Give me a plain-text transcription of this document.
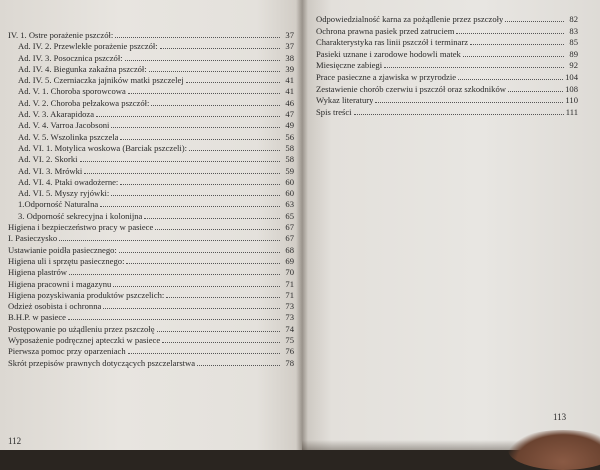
IV. 1. Ostre porażenie pszczół:	37
Ad. IV. 2. Przewlekłe porażenie pszczół:	37
Ad. IV. 3. Posocznica pszczół:	38
Ad. IV. 4. Biegunka zakaźna pszczół:	39
Ad. IV. 5. Czerniaczka jajników matki pszczelej	41
Ad. V. 1. Choroba sporowcowa	41
Ad. V. 2. Choroba pełzakowa pszczół:	46
Ad. V. 3. Akarapidoza	47
Ad. V. 4. Varroa Jacobsoni	49
Ad. V. 5. Wszolinka pszczela	56
Ad. VI. 1. Motylica woskowa (Barciak pszczeli):	58
Ad. VI. 2. Skorki	58
Ad. VI. 3. Mrówki	59
Ad. VI. 4. Ptaki owadożerne:	60
Ad. VI. 5. Myszy ryjówki:	60
1.Odporność Naturalna	63
3. Odporność sekrecyjna i kolonijna	65
Higiena i bezpieczeństwo pracy w pasiece	67
I. Pasieczysko	67
Ustawianie poidła pasiecznego:	68
Higiena uli i sprzętu pasiecznego:	69
Higiena plastrów	70
Higiena pracowni i magazynu	71
Higiena pozyskiwania produktów pszczelich:	71
Odzież osobista i ochronna	73
B.H.P. w pasiece	73
Postępowanie po użądleniu przez pszczołę	74
Wyposażenie podręcznej apteczki w pasiece	75
Pierwsza pomoc przy oparzeniach	76
Skrót przepisów prawnych dotyczących pszczelarstwa	78
112
Odpowiedzialność karna za pożądlenie przez pszczoły	82
Ochrona prawna pasiek przed zatruciem	83
Charakterystyka ras linii pszczół i terminarz	85
Pasieki uznane i zarodowe hodowli matek	89
Miesięczne zabiegi	92
Prace pasieczne a zjawiska w przyrodzie	104
Zestawienie chorób czerwiu i pszczół oraz szkodników	108
Wykaz literatury	110
Spis treści	111
113
